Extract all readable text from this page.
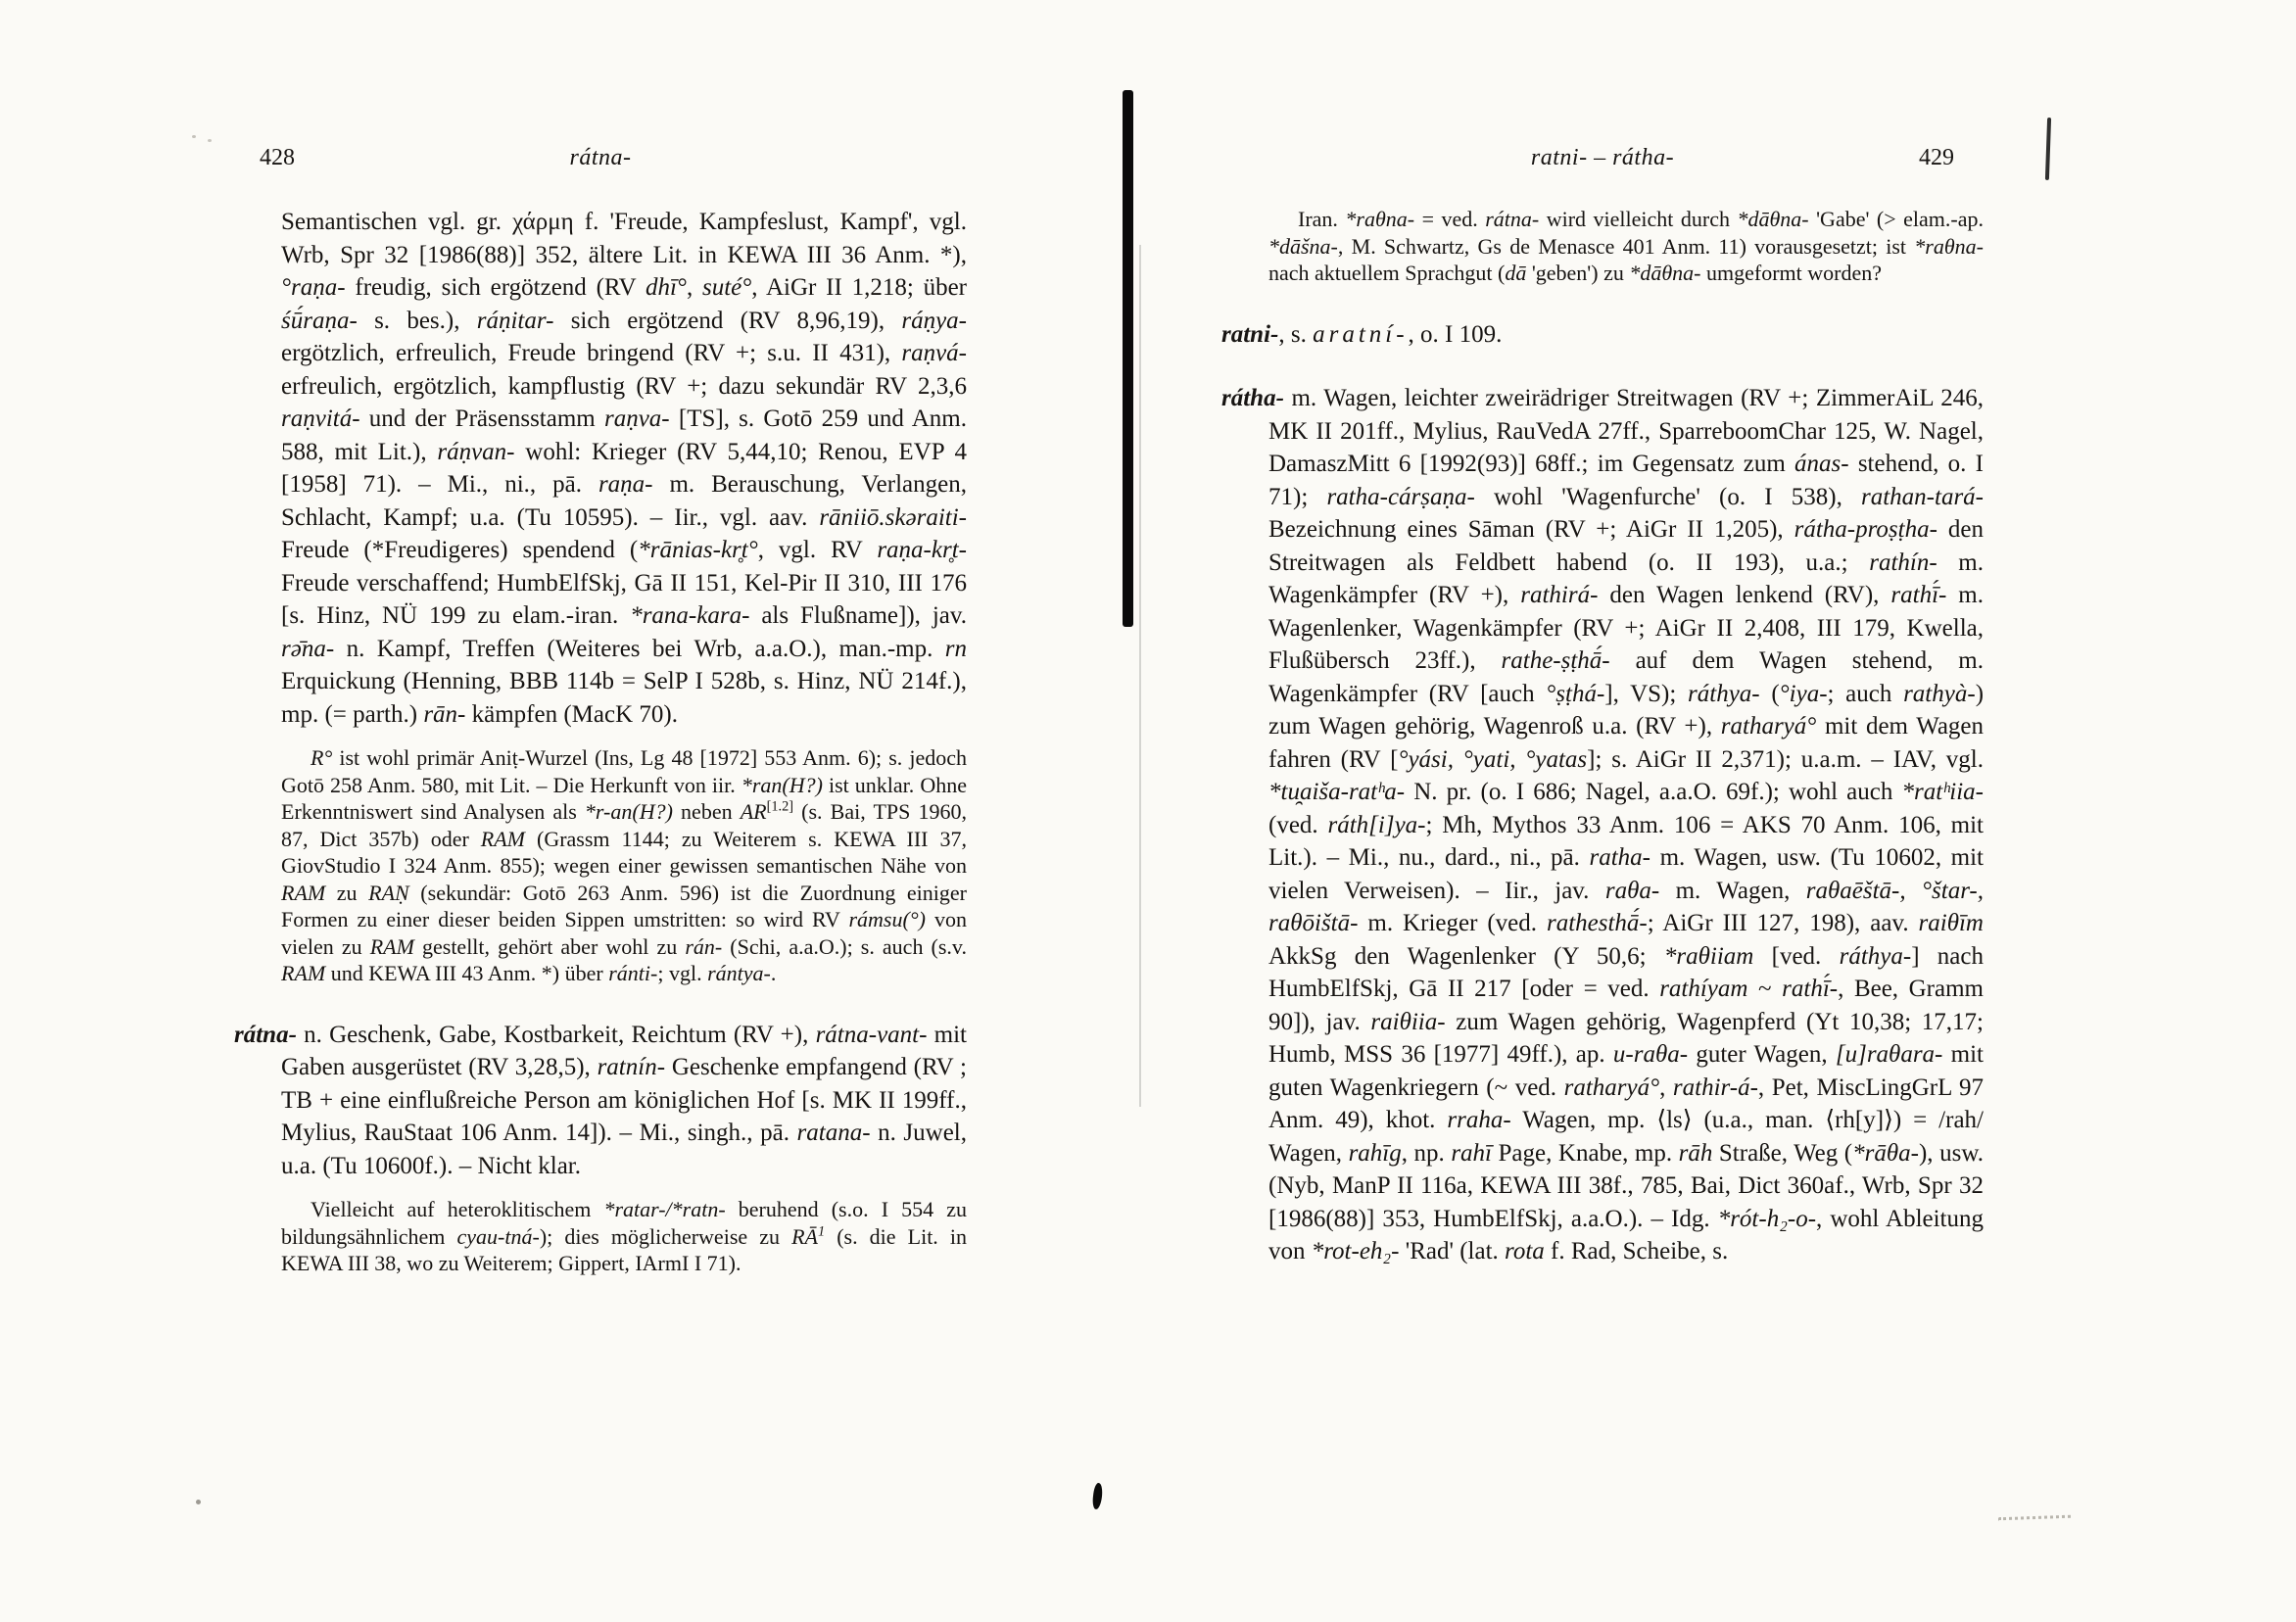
428	rátna-

Semantischen vgl. gr. χάρμη f. 'Freude, Kampfeslust, Kampf', vgl. Wrb, Spr 32 [1986(88)] 352, ältere Lit. in KEWA III 36 Anm. *), °raṇa- freudig, sich ergötzend (RV dhī°, suté°, AiGr II 1,218; über śū́raṇa- s. bes.), ráṇitar- sich ergötzend (RV 8,96,19), ráṇya- ergötzlich, erfreulich, Freude bringend (RV +; s.u. II 431), raṇvá- erfreulich, ergötzlich, kampflustig (RV +; dazu sekundär RV 2,3,6 raṇvitá- und der Präsensstamm raṇva- [TS], s. Gotō 259 und Anm. 588, mit Lit.), ráṇvan- wohl: Krieger (RV 5,44,10; Renou, EVP 4 [1958] 71). – Mi., ni., pā. raṇa- m. Berauschung, Verlangen, Schlacht, Kampf; u.a. (Tu 10595). – Iir., vgl. aav. rāniiō.skəraiti- Freude (*Freudigeres) spendend (*rānias-kr̥t°, vgl. RV raṇa-kr̥t- Freude verschaffend; HumbElfSkj, Gā II 151, Kel-Pir II 310, III 176 [s. Hinz, NÜ 199 zu elam.-iran. *rana-kara- als Flußname]), jav. rə̄na- n. Kampf, Treffen (Weiteres bei Wrb, a.a.O.), man.-mp. rn Erquickung (Henning, BBB 114b = SelP I 528b, s. Hinz, NÜ 214f.), mp. (= parth.) rān- kämpfen (MacK 70).

R° ist wohl primär Aniṭ-Wurzel (Ins, Lg 48 [1972] 553 Anm. 6); s. jedoch Gotō 258 Anm. 580, mit Lit. – Die Herkunft von iir. *ran(H?) ist unklar. Ohne Erkenntniswert sind Analysen als *r-an(H?) neben AR[1.2] (s. Bai, TPS 1960, 87, Dict 357b) oder RAM (Grassm 1144; zu Weiterem s. KEWA III 37, GiovStudio I 324 Anm. 855); wegen einer gewissen semantischen Nähe von RAM zu RAṆ (sekundär: Gotō 263 Anm. 596) ist die Zuordnung einiger Formen zu einer dieser beiden Sippen umstritten: so wird RV rámsu(°) von vielen zu RAM gestellt, gehört aber wohl zu rán- (Schi, a.a.O.); s. auch (s.v. RAM und KEWA III 43 Anm. *) über ránti-; vgl. rántya-.

rátna- n. Geschenk, Gabe, Kostbarkeit, Reichtum (RV +), rátna-vant- mit Gaben ausgerüstet (RV 3,28,5), ratnín- Geschenke empfangend (RV ; TB + eine einflußreiche Person am königlichen Hof [s. MK II 199ff., Mylius, RauStaat 106 Anm. 14]). – Mi., singh., pā. ratana- n. Juwel, u.a. (Tu 10600f.). – Nicht klar.

Vielleicht auf heteroklitischem *ratar-/*ratn- beruhend (s.o. I 554 zu bildungsähnlichem cyau-tná-); dies möglicherweise zu $RĀ^1$ (s. die Lit. in KEWA III 38, wo zu Weiterem; Gippert, IArmI I 71).

429
ratni- – rátha-

Iran. *raθna- = ved. rátna- wird vielleicht durch *dāθna- 'Gabe' (> elam.-ap. *dāšna-, M. Schwartz, Gs de Menasce 401 Anm. 11) vorausgesetzt; ist *raθna- nach aktuellem Sprachgut (dā 'geben') zu *dāθna- umgeformt worden?

ratni-, s. aratní-, o. I 109.

rátha- m. Wagen, leichter zweirädriger Streitwagen (RV +; ZimmerAiL 246, MK II 201ff., Mylius, RauVedA 27ff., SparreboomChar 125, W. Nagel, DamaszMitt 6 [1992(93)] 68ff.; im Gegensatz zum ánas- stehend, o. I 71); ratha-cárṣaṇa- wohl 'Wagenfurche' (o. I 538), rathan-tará- Bezeichnung eines Sāman (RV +; AiGr II 1,205), rátha-proṣṭha- den Streitwagen als Feldbett habend (o. II 193), u.a.; rathín- m. Wagenkämpfer (RV +), rathirá- den Wagen lenkend (RV), rathī́- m. Wagenlenker, Wagenkämpfer (RV +; AiGr II 2,408, III 179, Kwella, Flußübersch 23ff.), rathe-ṣṭhā́- auf dem Wagen stehend, m. Wagenkämpfer (RV [auch °ṣṭhá-], VS); ráthya- (°iya-; auch rathyà-) zum Wagen gehörig, Wagenroß u.a. (RV +), ratharyá° mit dem Wagen fahren (RV [°yási, °yati, °yatas]; s. AiGr II 2,371); u.a.m. – IAV, vgl. *tu̯aiša-ratʰa- N. pr. (o. I 686; Nagel, a.a.O. 69f.); wohl auch *ratʰiia- (ved. ráth[i]ya-; Mh, Mythos 33 Anm. 106 = AKS 70 Anm. 106, mit Lit.). – Mi., nu., dard., ni., pā. ratha- m. Wagen, usw. (Tu 10602, mit vielen Verweisen). – Iir., jav. raθa- m. Wagen, raθaēštā-, °štar-, raθōištā- m. Krieger (ved. rathesthā́-; AiGr III 127, 198), aav. raiθīm AkkSg den Wagenlenker (Y 50,6; *raθiiam [ved. ráthya-] nach HumbElfSkj, Gā II 217 [oder = ved. rathíyam ~ rathī́-, Bee, Gramm 90]), jav. raiθiia- zum Wagen gehörig, Wagenpferd (Yt 10,38; 17,17; Humb, MSS 36 [1977] 49ff.), ap. u-raθa- guter Wagen, [u]raθara- mit guten Wagenkriegern (~ ved. ratharyá°, rathir-á-, Pet, MiscLingGrL 97 Anm. 49), khot. rraha- Wagen, mp. ⟨ls⟩ (u.a., man. ⟨rh[y]⟩) = /rah/ Wagen, rahīg, np. rahī Page, Knabe, mp. rāh Straße, Weg (*rāθa-), usw. (Nyb, ManP II 116a, KEWA III 38f., 785, Bai, Dict 360af., Wrb, Spr 32 [1986(88)] 353, HumbElfSkj, a.a.O.). – Idg. *rót-h₂-o-, wohl Ableitung von *rot-eh₂- 'Rad' (lat. rota f. Rad, Scheibe, s.
